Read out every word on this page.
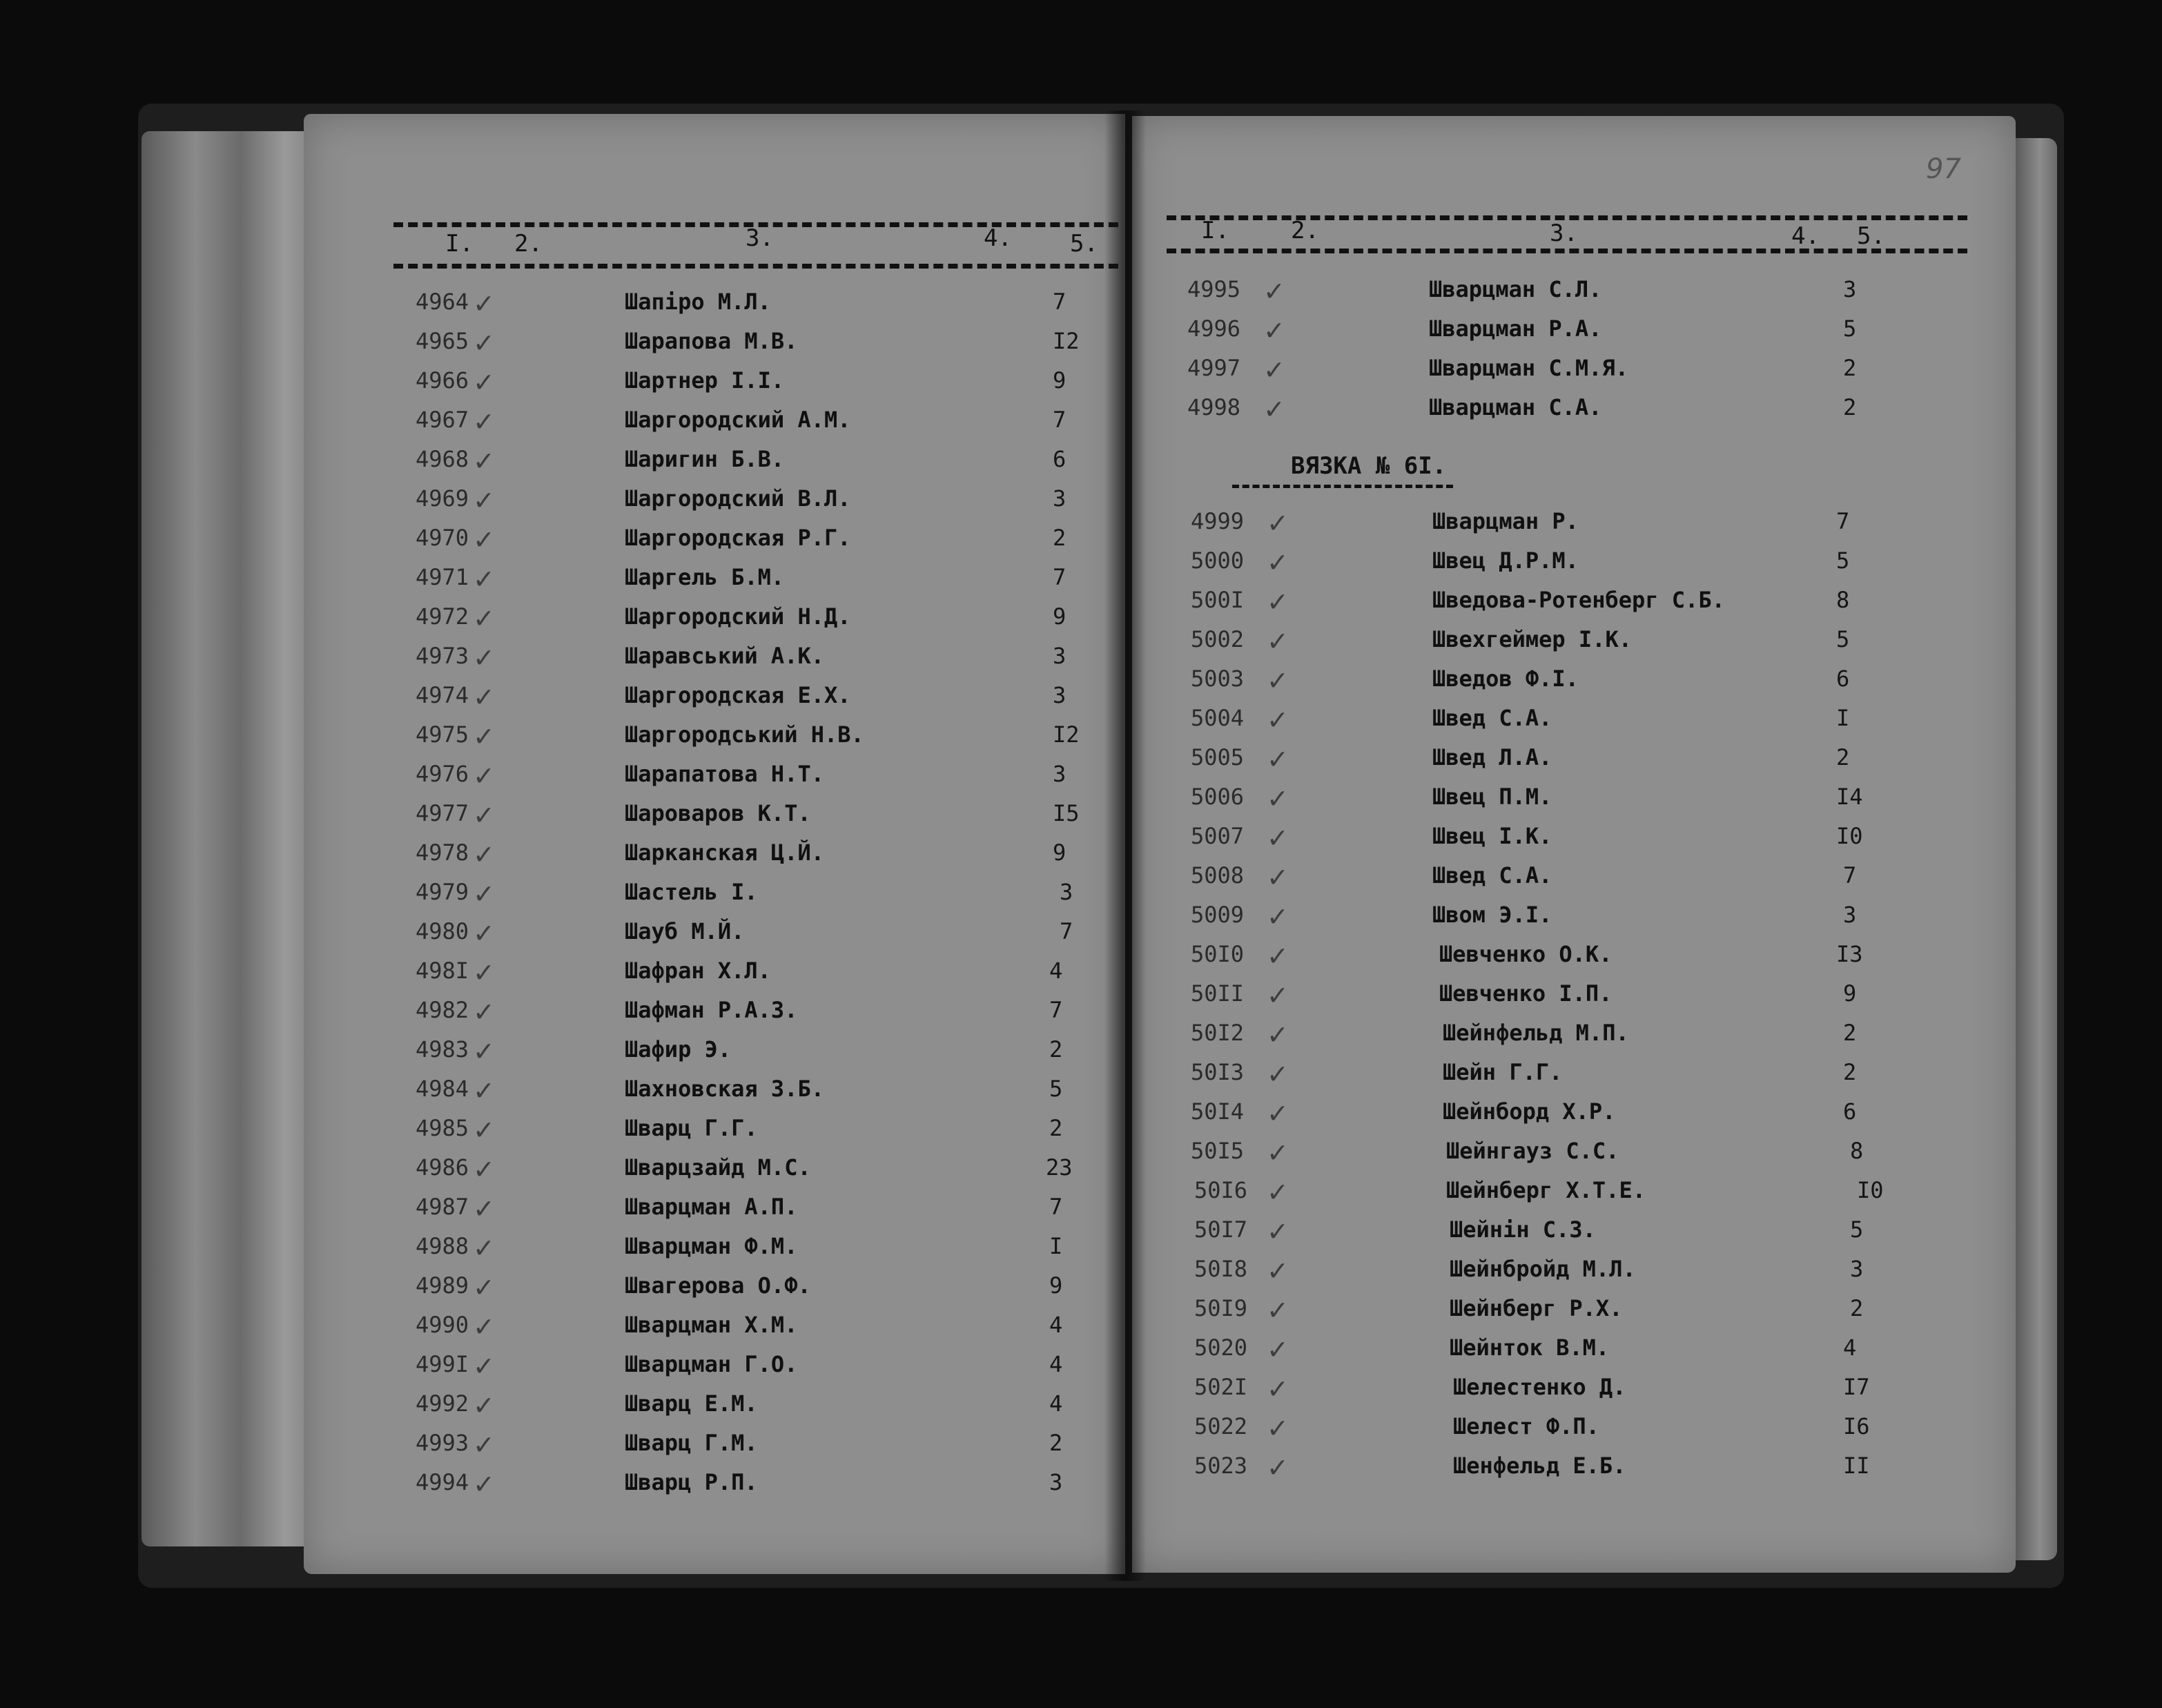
I. 2.	3.	4. 5.
97
I.	2.	3.	4. 5.
4964 ✓	Шапіро М.Л.	7
4965 ✓	Шарапова М.В.	I2
4966 ✓	Шартнер І.І.	9
4967 ✓	Шаргородский А.М.	7
4968 ✓	Шаригин Б.В.	6
4969 ✓	Шаргородский В.Л.	3
4970 ✓	Шаргородская Р.Г.	2
4971 ✓	Шаргель Б.М.	7
4972 ✓	Шаргородский Н.Д.	9
4973 ✓	Шаравський А.К.	3
4974 ✓	Шаргородская Е.Х.	3
4975 ✓	Шаргородський Н.В.	I2
4976 ✓	Шарапатова Н.Т.	3
4977 ✓	Шароваров К.Т.	I5
4978 ✓	Шарканская Ц.Й.	9
4979 ✓	Шастель І.	3
4980 ✓	Шауб М.Й.	7
498I ✓	Шафран Х.Л.	4
4982 ✓	Шафман Р.А.З.	7
4983 ✓	Шафир Э.	2
4984 ✓	Шахновская З.Б.	5
4985 ✓	Шварц Г.Г.	2
4986 ✓	Шварцзайд М.С.	23
4987 ✓	Шварцман А.П.	7
4988 ✓	Шварцман Ф.М.	I
4989 ✓	Швагерова О.Ф.	9
4990 ✓	Шварцман Х.М.	4
499I ✓	Шварцман Г.О.	4
4992 ✓	Шварц Е.М.	4
4993 ✓	Шварц Г.М.	2
4994 ✓	Шварц Р.П.	3
4995 ✓	Шварцман С.Л.	3
4996 ✓	Шварцман Р.А.	5
4997 ✓	Шварцман С.М.Я.	2
4998 ✓	Шварцман С.А.	2
ВЯЗКА № 6I.
4999 ✓	Шварцман Р.	7
5000 ✓	Швец Д.Р.М.	5
500I ✓	Шведова-Ротенберг С.Б.	8
5002 ✓	Швехгеймер І.К.	5
5003 ✓	Шведов Ф.І.	6
5004 ✓	Швед С.А.	I
5005 ✓	Швед Л.А.	2
5006 ✓	Швец П.М.	I4
5007 ✓	Швец І.К.	I0
5008 ✓	Швед С.А.	7
5009 ✓	Швом Э.І.	3
50I0 ✓	Шевченко О.К.	I3
50II ✓	Шевченко І.П.	9
50I2 ✓	Шейнфельд М.П.	2
50I3 ✓	Шейн Г.Г.	2
50I4 ✓	Шейнборд Х.Р.	6
50I5 ✓	Шейнгауз С.С.	8
50I6 ✓	Шейнберг Х.Т.Е.	I0
50I7 ✓	Шейнін С.З.	5
50I8 ✓	Шейнбройд М.Л.	3
50I9 ✓	Шейнберг Р.Х.	2
5020 ✓	Шейнток В.М.	4
502I ✓	Шелестенко Д.	I7
5022 ✓	Шелест Ф.П.	I6
5023 ✓	Шенфельд Е.Б.	II
